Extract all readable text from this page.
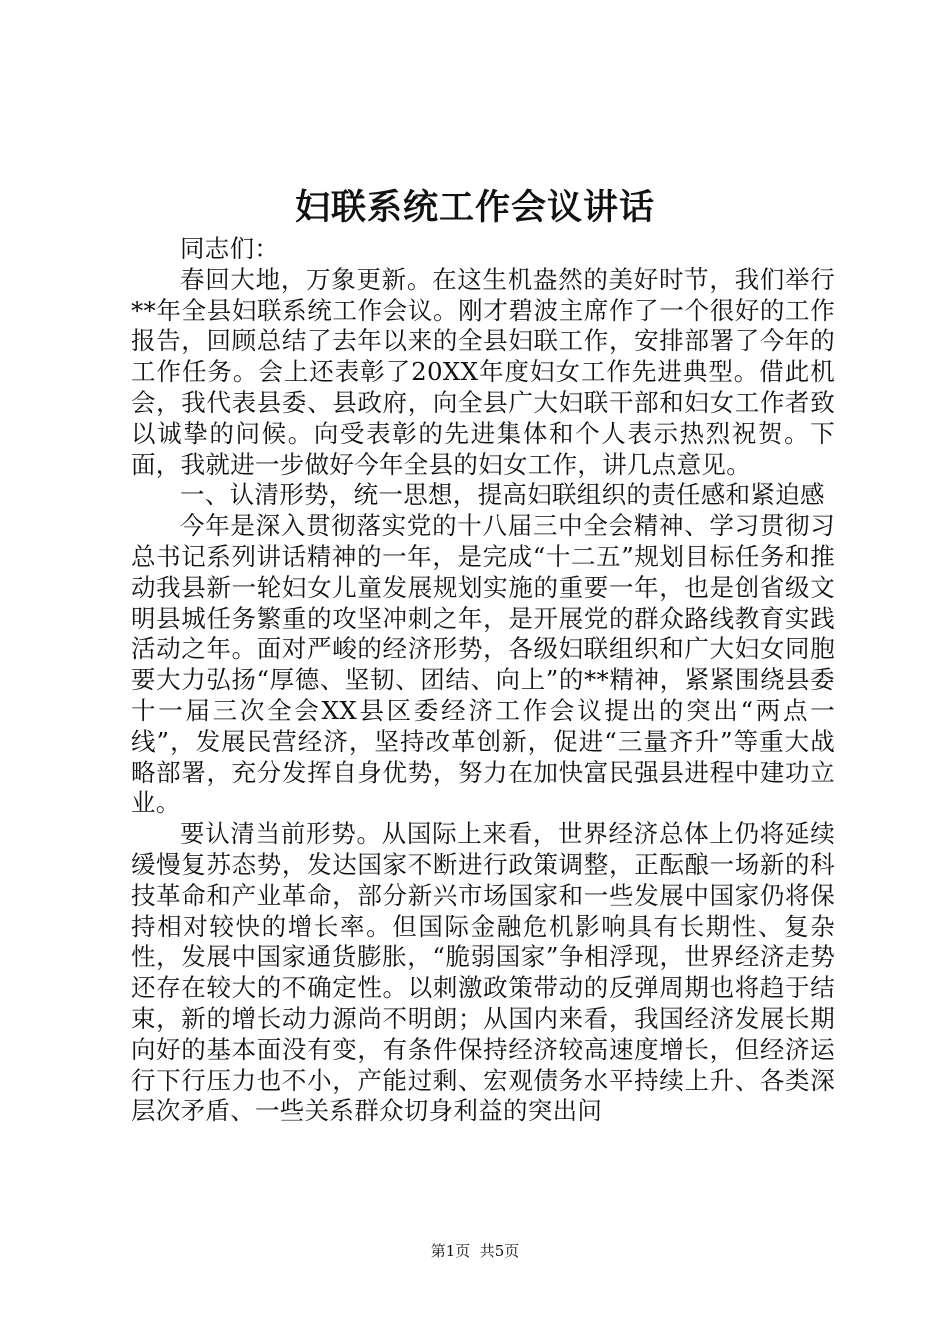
妇联系统工作会议讲话

同志们：

春回大地，万象更新。在这生机盎然的美好时节，我们举行**年全县妇联系统工作会议。刚才碧波主席作了一个很好的工作报告，回顾总结了去年以来的全县妇联工作，安排部署了今年的工作任务。会上还表彰了20XX年度妇女工作先进典型。借此机会，我代表县委、县政府，向全县广大妇联干部和妇女工作者致以诚挚的问候。向受表彰的先进集体和个人表示热烈祝贺。下面，我就进一步做好今年全县的妇女工作，讲几点意见。

一、认清形势，统一思想，提高妇联组织的责任感和紧迫感

今年是深入贯彻落实党的十八届三中全会精神、学习贯彻习总书记系列讲话精神的一年，是完成“十二五”规划目标任务和推动我县新一轮妇女儿童发展规划实施的重要一年，也是创省级文明县城任务繁重的攻坚冲刺之年，是开展党的群众路线教育实践活动之年。面对严峻的经济形势，各级妇联组织和广大妇女同胞要大力弘扬“厚德、坚韧、团结、向上”的**精神，紧紧围绕县委十一届三次全会XX县区委经济工作会议提出的突出“两点一线”，发展民营经济，坚持改革创新，促进“三量齐升”等重大战略部署，充分发挥自身优势，努力在加快富民强县进程中建功立业。

要认清当前形势。从国际上来看，世界经济总体上仍将延续缓慢复苏态势，发达国家不断进行政策调整，正酝酿一场新的科技革命和产业革命，部分新兴市场国家和一些发展中国家仍将保持相对较快的增长率。但国际金融危机影响具有长期性、复杂性，发展中国家通货膨胀，“脆弱国家”争相浮现，世界经济走势还存在较大的不确定性。以刺激政策带动的反弹周期也将趋于结束，新的增长动力源尚不明朗；从国内来看，我国经济发展长期向好的基本面没有变，有条件保持经济较高速度增长，但经济运行下行压力也不小，产能过剩、宏观债务水平持续上升、各类深层次矛盾、一些关系群众切身利益的突出问

第1页  共5页
